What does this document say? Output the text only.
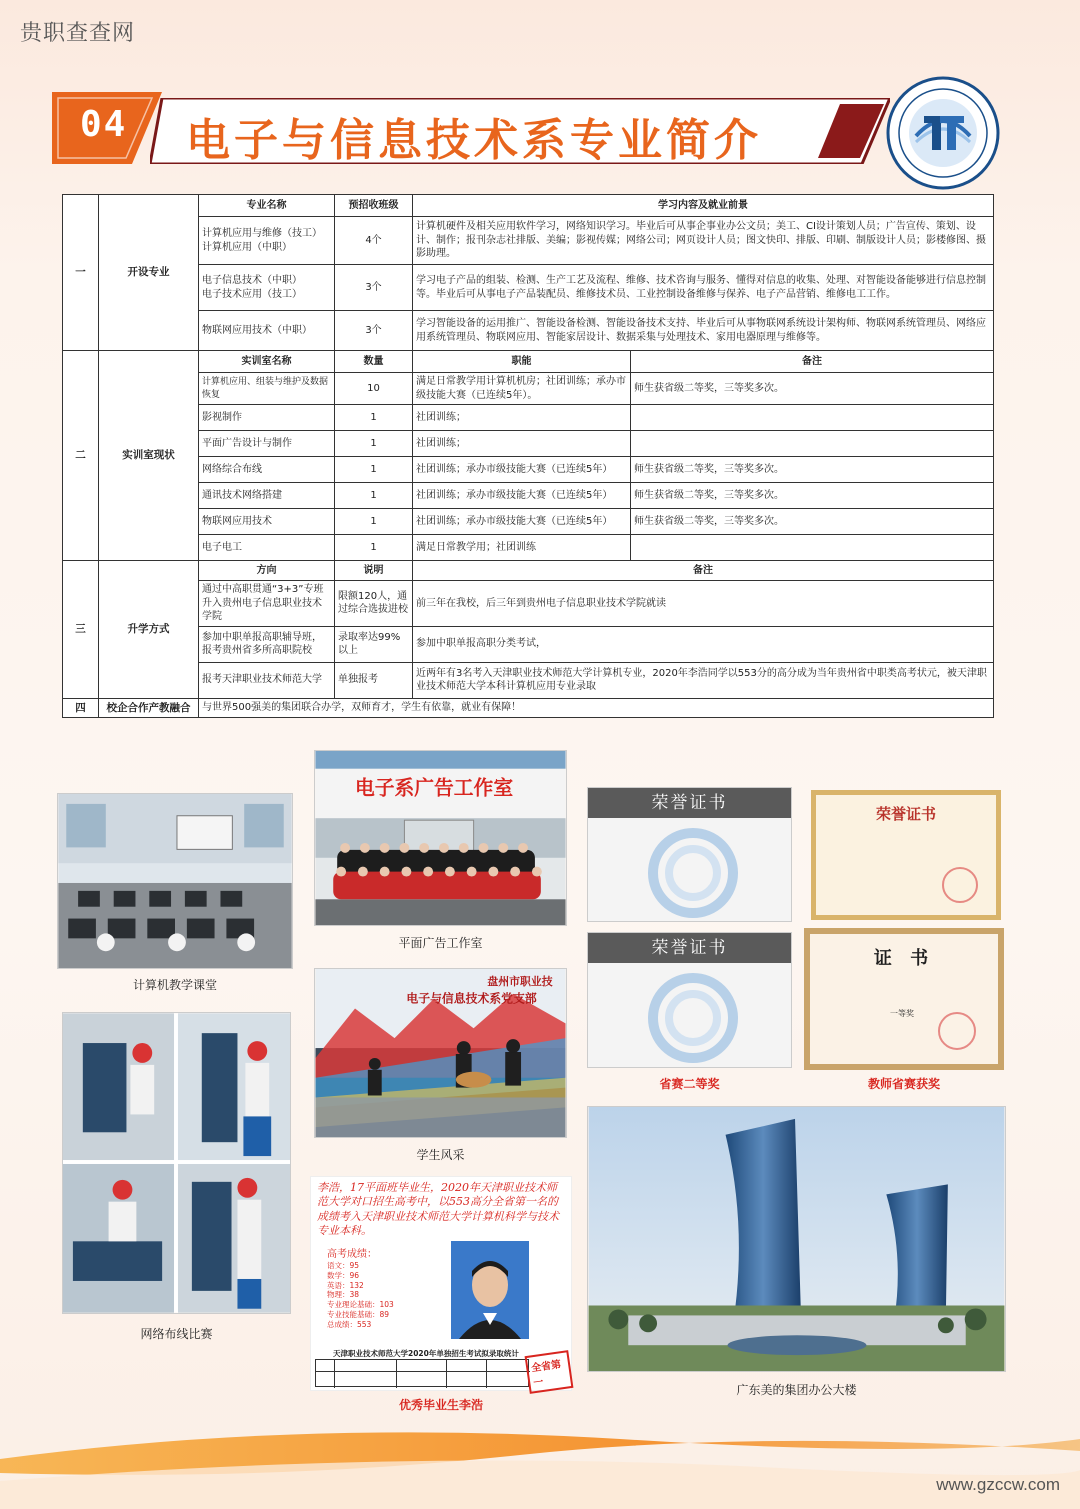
贵职查查网
04 电子与信息技术系专业简介
一	开设专业	专业名称	预招收班级	学习内容及就业前景	
		计算机应用与维修（技工）
计算机应用（中职）	4个	计算机硬件及相关应用软件学习，网络知识学习。毕业后可从事企事业办公文员；美工、CI设计策划人员；广告宣传、策划、设计、制作；报刊杂志社排版、美编；影视传媒；网络公司；网页设计人员；图文快印、排版、印刷、制版设计人员；影楼修图、摄影助理。	
		电子信息技术（中职）
电子技术应用（技工）	3个	学习电子产品的组装、检测、生产工艺及流程、维修、技术咨询与服务、懂得对信息的收集、处理、对智能设备能够进行信息控制等。毕业后可从事电子产品装配员、维修技术员、工业控制设备维修与保养、电子产品营销、维修电工工作。	
		物联网应用技术（中职）	3个	学习智能设备的运用推广、智能设备检测、智能设备技术支持、毕业后可从事物联网系统设计架构师、物联网系统管理员、网络应用系统管理员、物联网应用、智能家居设计、数据采集与处理技术、家用电器原理与维修等。	
二	实训室现状	实训室名称	数量	职能	备注
		计算机应用、组装与维护及数据恢复	10	满足日常教学用计算机机房；社团训练；承办市级技能大赛（已连续5年）。	师生获省级二等奖，三等奖多次。
		影视制作	1	社团训练；	
		平面广告设计与制作	1	社团训练；	
		网络综合布线	1	社团训练；承办市级技能大赛（已连续5年）	师生获省级二等奖，三等奖多次。
		通讯技术网络搭建	1	社团训练；承办市级技能大赛（已连续5年）	师生获省级二等奖，三等奖多次。
		物联网应用技术	1	社团训练；承办市级技能大赛（已连续5年）	师生获省级二等奖，三等奖多次。
		电子电工	1	满足日常教学用；社团训练	
三	升学方式	方向	说明	备注	
		通过中高职贯通“3+3”专班升入贵州电子信息职业技术学院	限额120人，通过综合选拔进校	前三年在我校，后三年到贵州电子信息职业技术学院就读	
		参加中职单报高职辅导班，报考贵州省多所高职院校	录取率达99%以上	参加中职单报高职分类考试，	
		报考天津职业技术师范大学	单独报考	近两年有3名考入天津职业技术师范大学计算机专业，2020年李浩同学以553分的高分成为当年贵州省中职类高考状元，被天津职业技术师范大学本科计算机应用专业录取	
四	校企合作产教融合	与世界500强美的集团联合办学，双师育才，学生有依靠，就业有保障！			
计算机教学课堂
电子系广告工作室
平面广告工作室
盘州市职业技
电子与信息技术系党支部
学生风采
网络布线比赛
李浩，17平面班毕业生，2020年天津职业技术师范大学对口招生高考中，以553高分全省第一名的成绩考入天津职业技术师范大学计算机科学与技术专业本科。
高考成绩：
语文：95
数学：96
英语：132
物理：38
专业理论基础：103
专业技能基础：89
总成绩：553
天津职业技术师范大学2020年单独招生考试拟录取统计
全省第一
优秀毕业生李浩
荣誉证书
荣誉证书
省赛二等奖
荣誉证书
证 书
一等奖
教师省赛获奖
广东美的集团办公大楼
www.gzccw.com
